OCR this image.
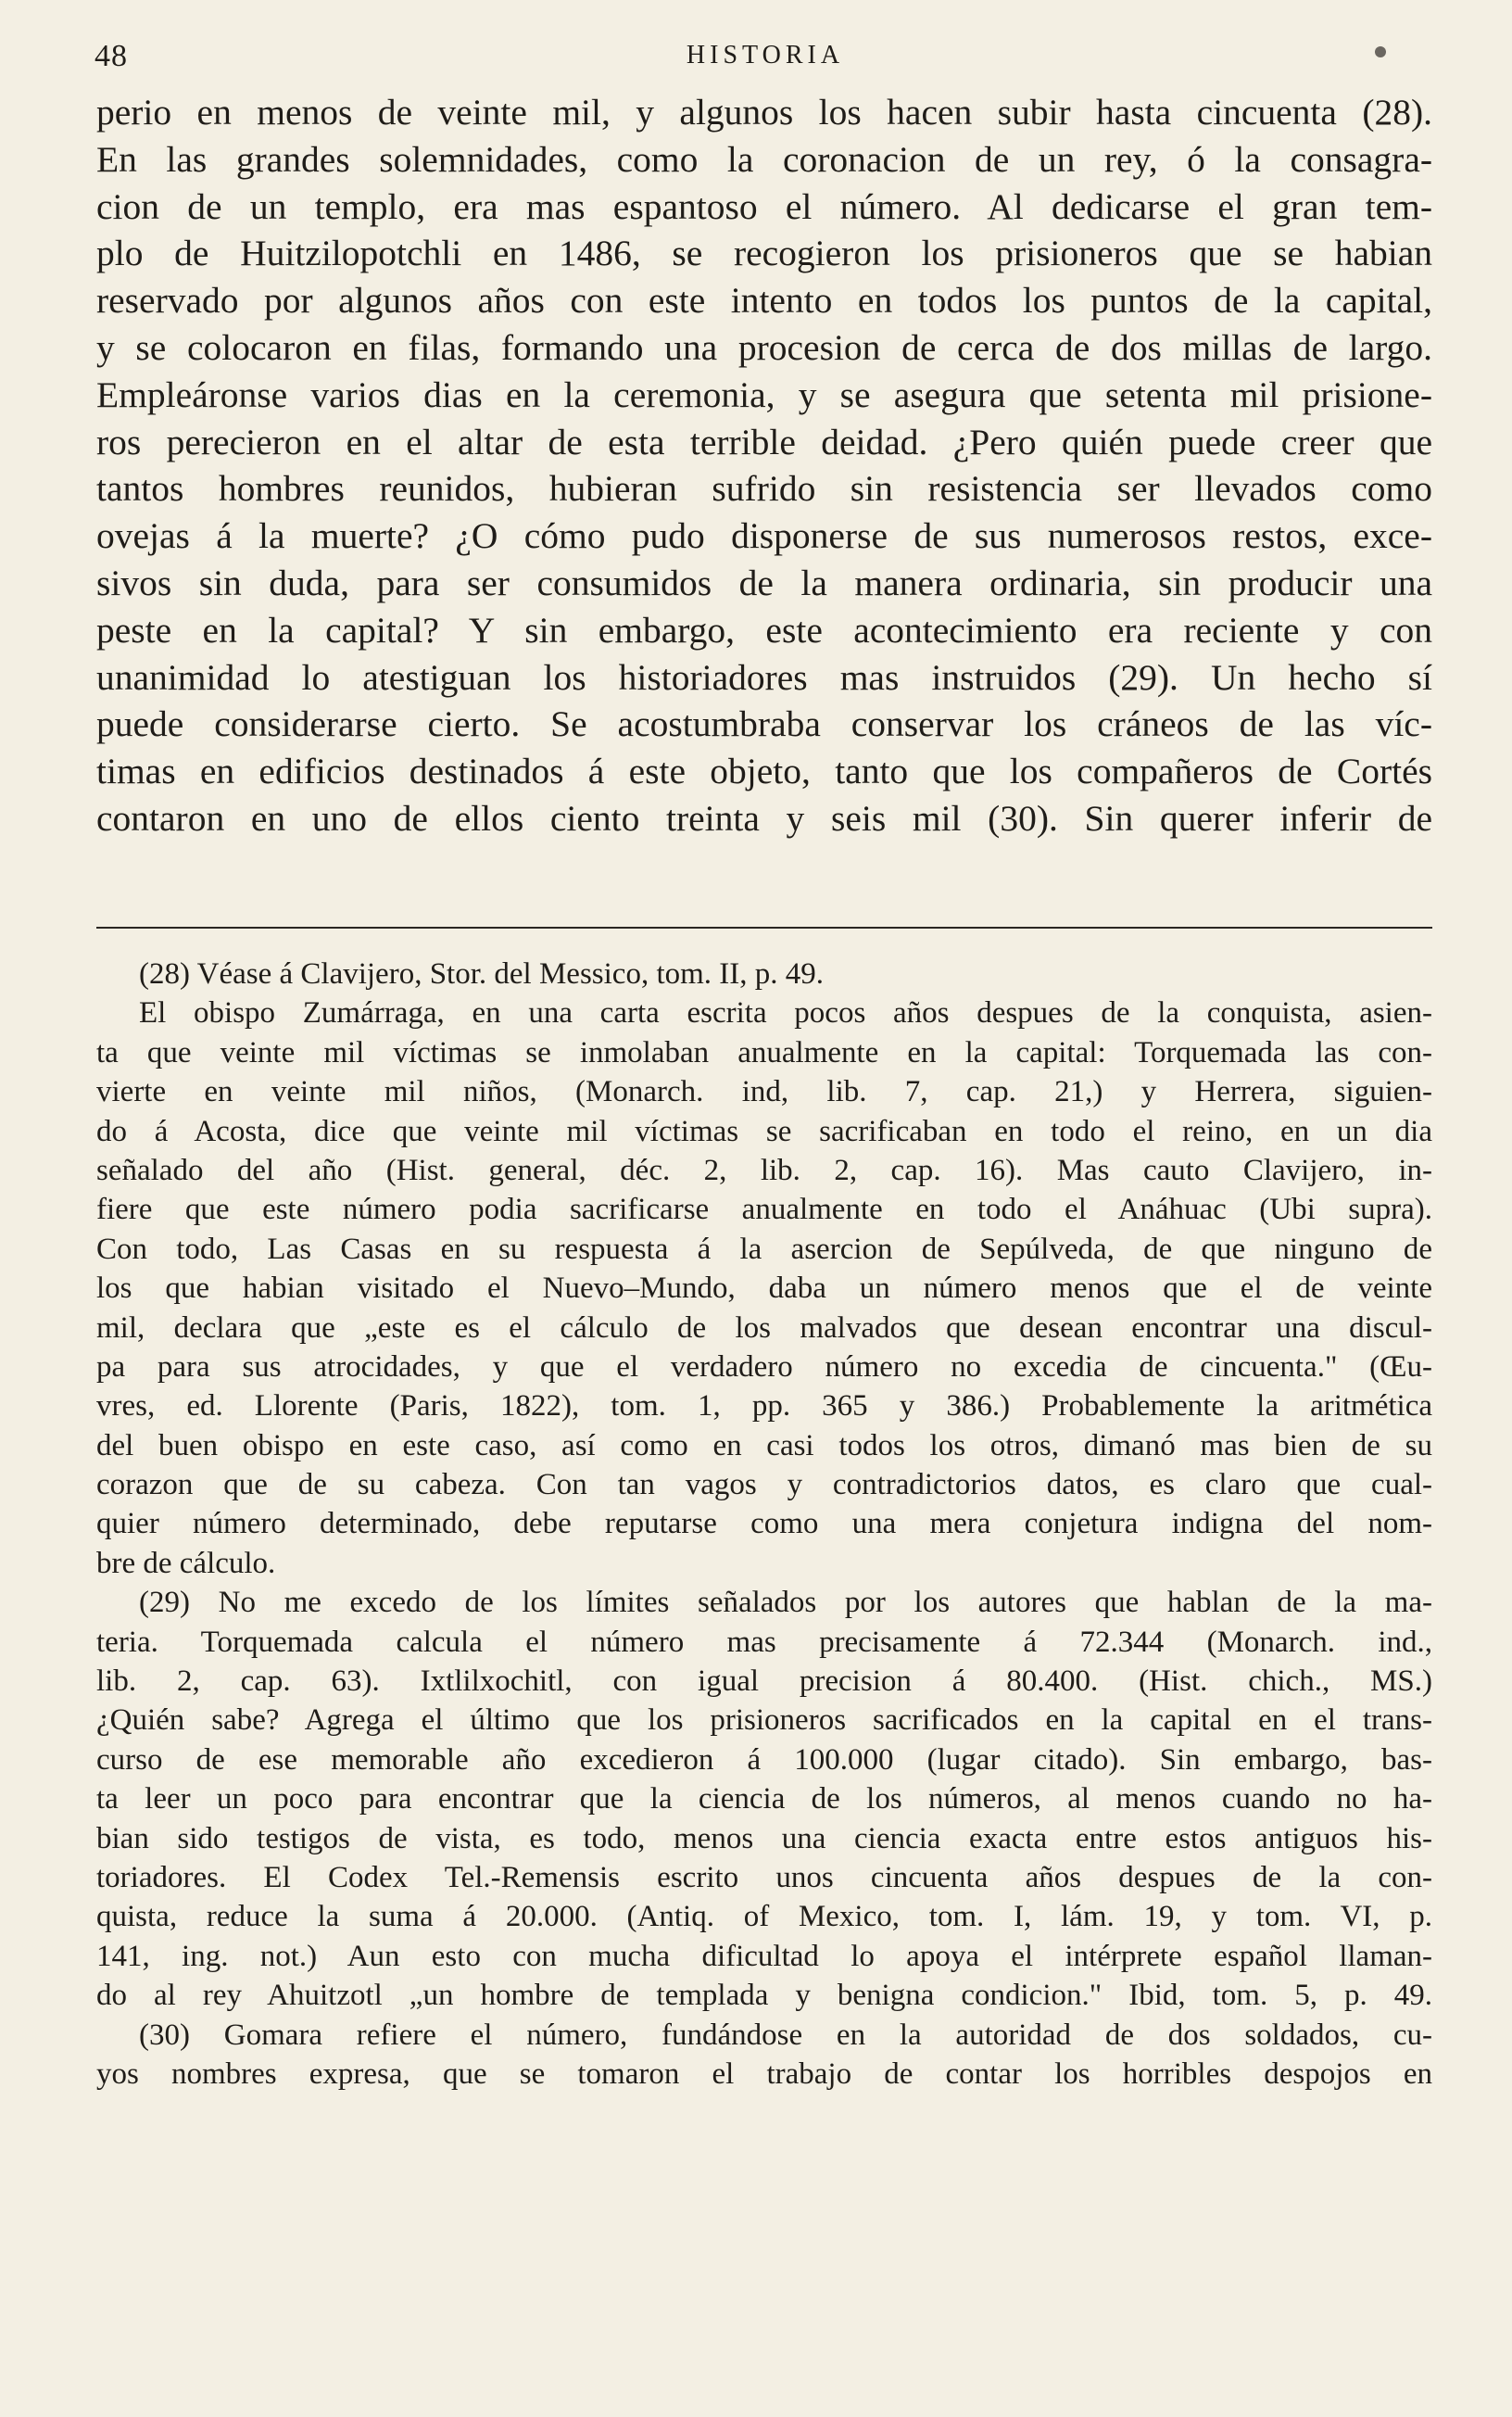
48	HISTORIA
perio en menos de veinte mil, y algunos los hacen subir hasta cincuenta (28).
En las grandes solemnidades, como la coronacion de un rey, ó la consagra-
cion de un templo, era mas espantoso el número. Al dedicarse el gran tem-
plo de Huitzilopotchli en 1486, se recogieron los prisioneros que se habian
reservado por algunos años con este intento en todos los puntos de la capital,
y se colocaron en filas, formando una procesion de cerca de dos millas de largo.
Empleáronse varios dias en la ceremonia, y se asegura que setenta mil prisione-
ros perecieron en el altar de esta terrible deidad. ¿Pero quién puede creer que
tantos hombres reunidos, hubieran sufrido sin resistencia ser llevados como
ovejas á la muerte? ¿O cómo pudo disponerse de sus numerosos restos, exce-
sivos sin duda, para ser consumidos de la manera ordinaria, sin producir una
peste en la capital? Y sin embargo, este acontecimiento era reciente y con
unanimidad lo atestiguan los historiadores mas instruidos (29). Un hecho sí
puede considerarse cierto. Se acostumbraba conservar los cráneos de las víc-
timas en edificios destinados á este objeto, tanto que los compañeros de Cortés
contaron en uno de ellos ciento treinta y seis mil (30). Sin querer inferir de
(28) Véase á Clavijero, Stor. del Messico, tom. II, p. 49.
El obispo Zumárraga, en una carta escrita pocos años despues de la conquista, asien-
ta que veinte mil víctimas se inmolaban anualmente en la capital: Torquemada las con-
vierte en veinte mil niños, (Monarch. ind, lib. 7, cap. 21,) y Herrera, siguien-
do á Acosta, dice que veinte mil víctimas se sacrificaban en todo el reino, en un dia
señalado del año (Hist. general, déc. 2, lib. 2, cap. 16). Mas cauto Clavijero, in-
fiere que este número podia sacrificarse anualmente en todo el Anáhuac (Ubi supra).
Con todo, Las Casas en su respuesta á la asercion de Sepúlveda, de que ninguno de
los que habian visitado el Nuevo–Mundo, daba un número menos que el de veinte
mil, declara que „este es el cálculo de los malvados que desean encontrar una discul-
pa para sus atrocidades, y que el verdadero número no excedia de cincuenta." (Œu-
vres, ed. Llorente (Paris, 1822), tom. 1, pp. 365 y 386.) Probablemente la aritmética
del buen obispo en este caso, así como en casi todos los otros, dimanó mas bien de su
corazon que de su cabeza. Con tan vagos y contradictorios datos, es claro que cual-
quier número determinado, debe reputarse como una mera conjetura indigna del nom-
bre de cálculo.
(29) No me excedo de los límites señalados por los autores que hablan de la ma-
teria. Torquemada calcula el número mas precisamente á 72.344 (Monarch. ind.,
lib. 2, cap. 63). Ixtlilxochitl, con igual precision á 80.400. (Hist. chich., MS.)
¿Quién sabe? Agrega el último que los prisioneros sacrificados en la capital en el trans-
curso de ese memorable año excedieron á 100.000 (lugar citado). Sin embargo, bas-
ta leer un poco para encontrar que la ciencia de los números, al menos cuando no ha-
bian sido testigos de vista, es todo, menos una ciencia exacta entre estos antiguos his-
toriadores. El Codex Tel.-Remensis escrito unos cincuenta años despues de la con-
quista, reduce la suma á 20.000. (Antiq. of Mexico, tom. I, lám. 19, y tom. VI, p.
141, ing. not.) Aun esto con mucha dificultad lo apoya el intérprete español llaman-
do al rey Ahuitzotl „un hombre de templada y benigna condicion." Ibid, tom. 5, p. 49.
(30) Gomara refiere el número, fundándose en la autoridad de dos soldados, cu-
yos nombres expresa, que se tomaron el trabajo de contar los horribles despojos en
